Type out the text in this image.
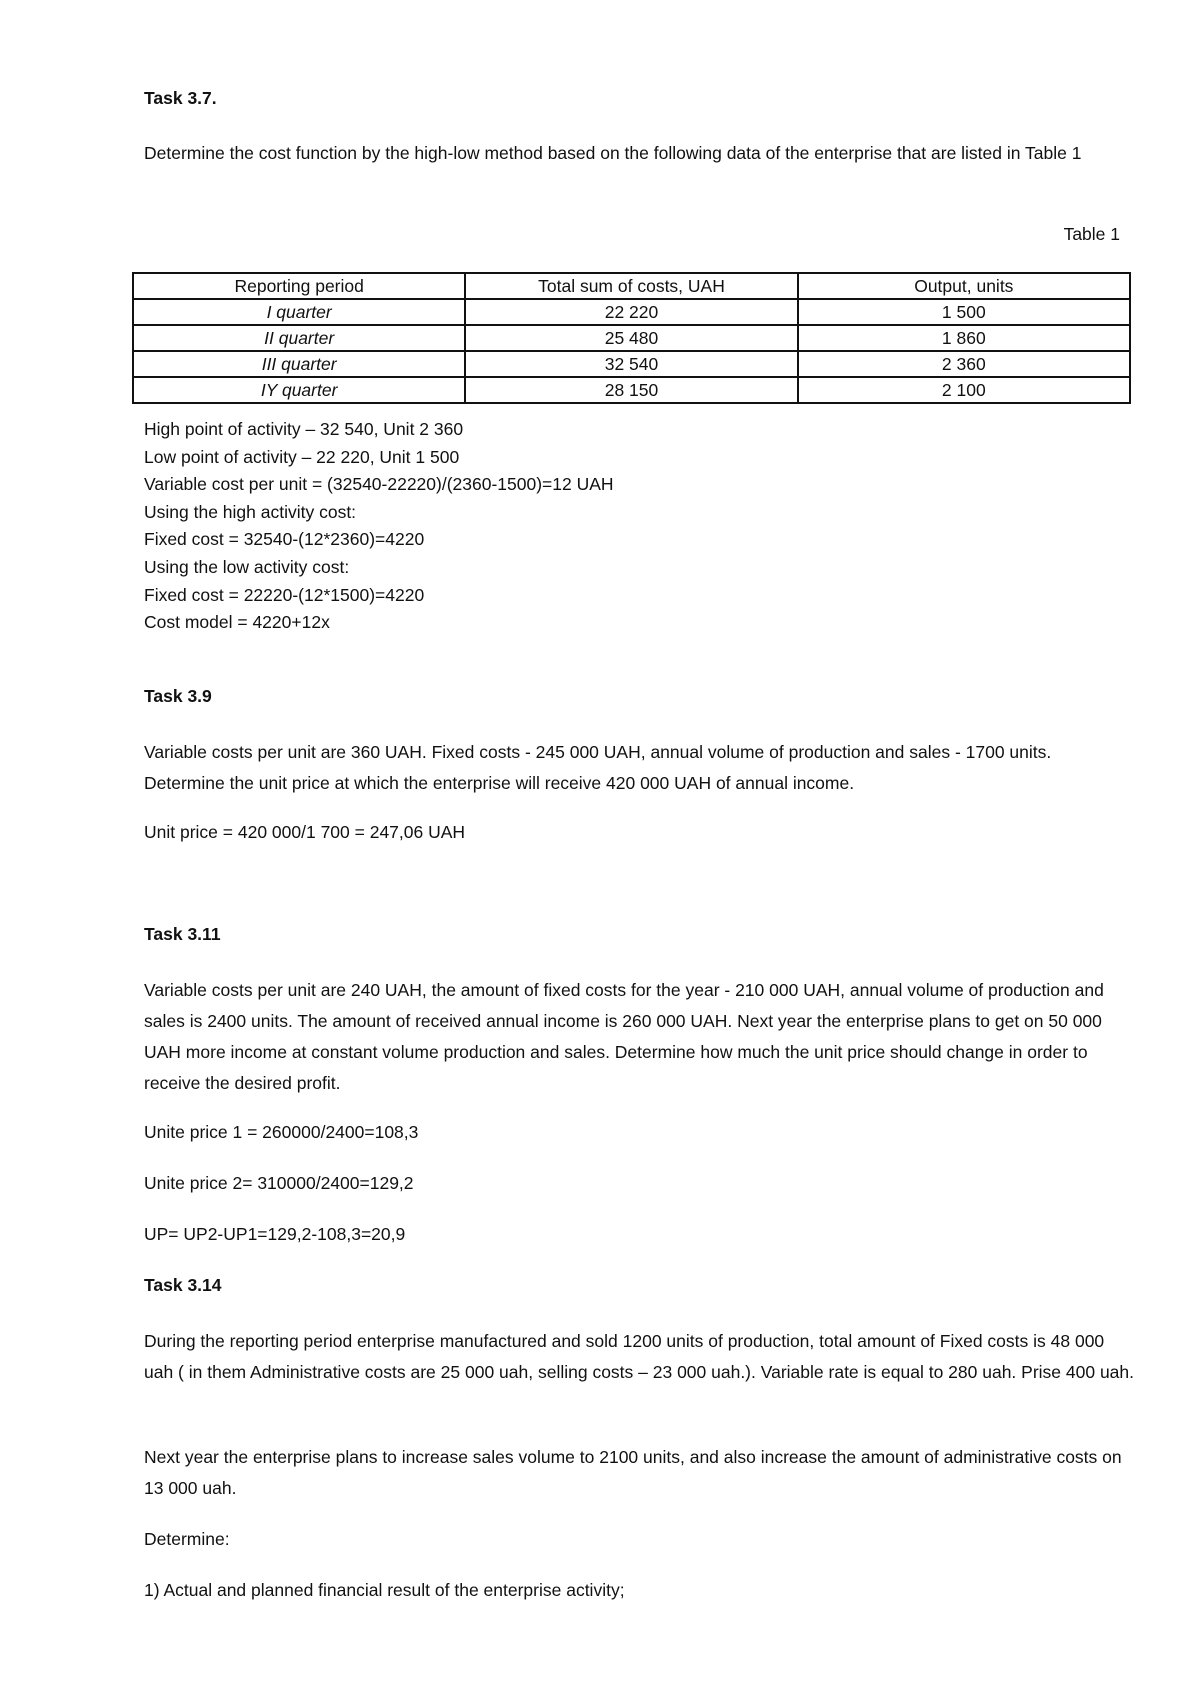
Task 3.7.
Determine the cost function by the high-low method based on the following data of the enterprise that are listed in Table 1
Table 1
Reporting period	Total sum of costs, UAH	Output, units
I quarter	22 220	1 500
II quarter	25 480	1 860
III quarter	32 540	2 360
IY quarter	28 150	2 100
High point of activity – 32 540, Unit 2 360
Low point of activity – 22 220, Unit 1 500
Variable cost per unit = (32540-22220)/(2360-1500)=12 UAH
Using the high activity cost:
Fixed cost = 32540-(12*2360)=4220
Using the low activity cost:
Fixed cost = 22220-(12*1500)=4220
Cost model = 4220+12x
Task 3.9
Variable costs per unit are 360 UAH. Fixed costs - 245 000 UAH, annual volume of production and sales - 1700 units. Determine the unit price at which the enterprise will receive 420 000 UAH of annual income.
Unit price = 420 000/1 700 = 247,06 UAH
Task 3.11
Variable costs per unit are 240 UAH, the amount of fixed costs for the year - 210 000 UAH, annual volume of production and sales is 2400 units. The amount of received annual income is 260 000 UAH. Next year the enterprise plans to get on 50 000 UAH more income at constant volume production and sales. Determine how much the unit price should change in order to receive the desired profit.
Unite price 1 = 260000/2400=108,3
Unite price 2= 310000/2400=129,2
UP= UP2-UP1=129,2-108,3=20,9
Task 3.14
During the reporting period enterprise manufactured and sold 1200 units of production, total amount of Fixed costs is 48 000 uah ( in them Administrative costs are 25 000 uah, selling costs – 23 000 uah.). Variable rate is equal to 280 uah. Prise 400 uah.
Next year the enterprise plans to increase sales volume to 2100 units, and also increase the amount of administrative costs on 13 000 uah.
Determine:
1) Actual and planned financial result of the enterprise activity;
